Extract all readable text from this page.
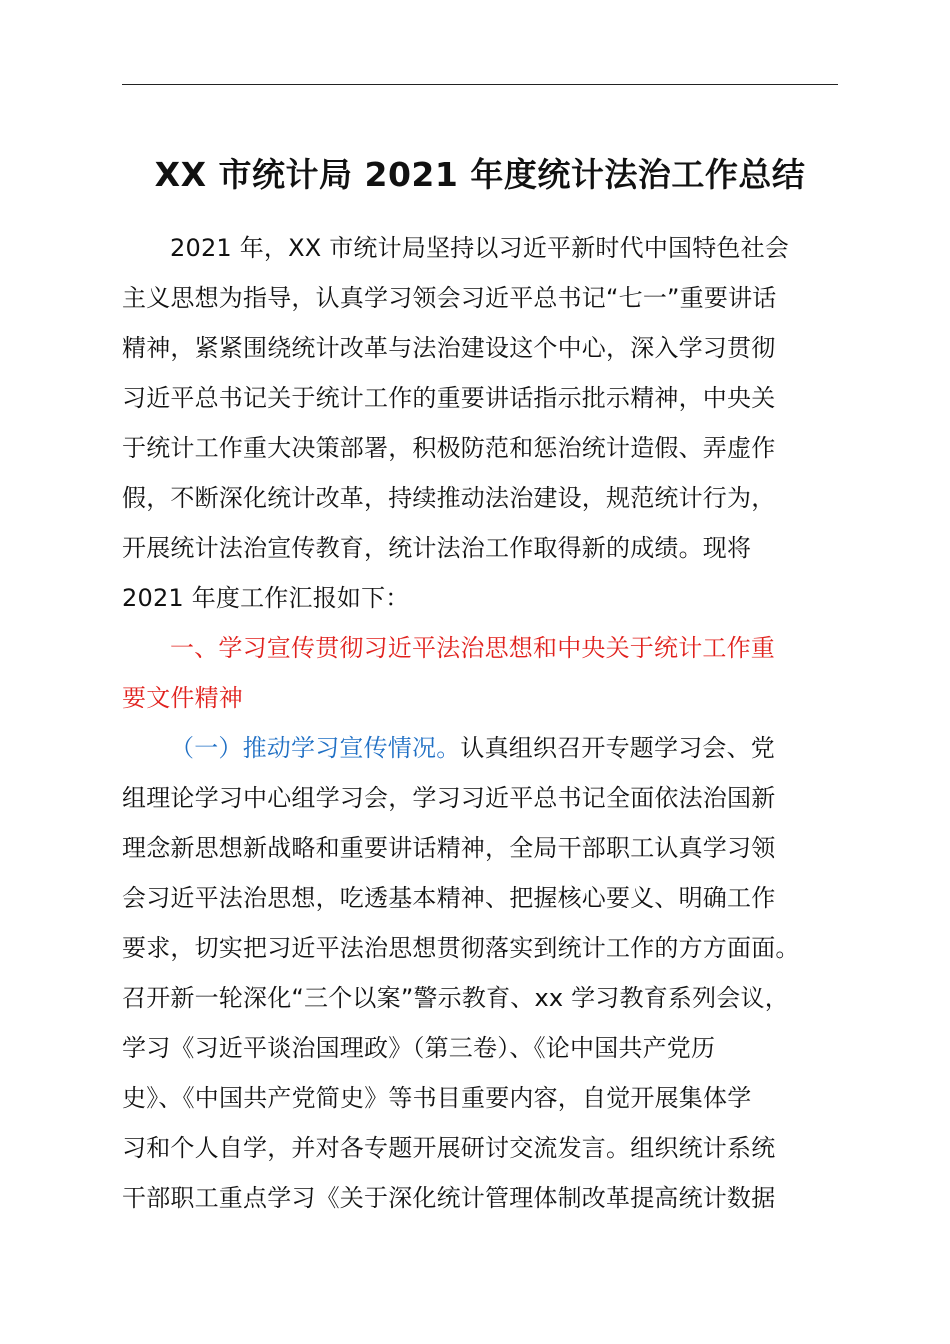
XX 市统计局 2021 年度统计法治工作总结
2021 年，XX 市统计局坚持以习近平新时代中国特色社会
主义思想为指导，认真学习领会习近平总书记“七一”重要讲话
精神，紧紧围绕统计改革与法治建设这个中心，深入学习贯彻
习近平总书记关于统计工作的重要讲话指示批示精神，中央关
于统计工作重大决策部署，积极防范和惩治统计造假、弄虚作
假，不断深化统计改革，持续推动法治建设，规范统计行为，
开展统计法治宣传教育，统计法治工作取得新的成绩。现将
2021 年度工作汇报如下：
一、学习宣传贯彻习近平法治思想和中央关于统计工作重
要文件精神
（一）推动学习宣传情况。认真组织召开专题学习会、党
组理论学习中心组学习会，学习习近平总书记全面依法治国新
理念新思想新战略和重要讲话精神，全局干部职工认真学习领
会习近平法治思想，吃透基本精神、把握核心要义、明确工作
要求，切实把习近平法治思想贯彻落实到统计工作的方方面面。
召开新一轮深化“三个以案”警示教育、xx 学习教育系列会议，
学习《习近平谈治国理政》（第三卷）、《论中国共产党历
史》、《中国共产党简史》等书目重要内容，自觉开展集体学
习和个人自学，并对各专题开展研讨交流发言。组织统计系统
干部职工重点学习《关于深化统计管理体制改革提高统计数据
